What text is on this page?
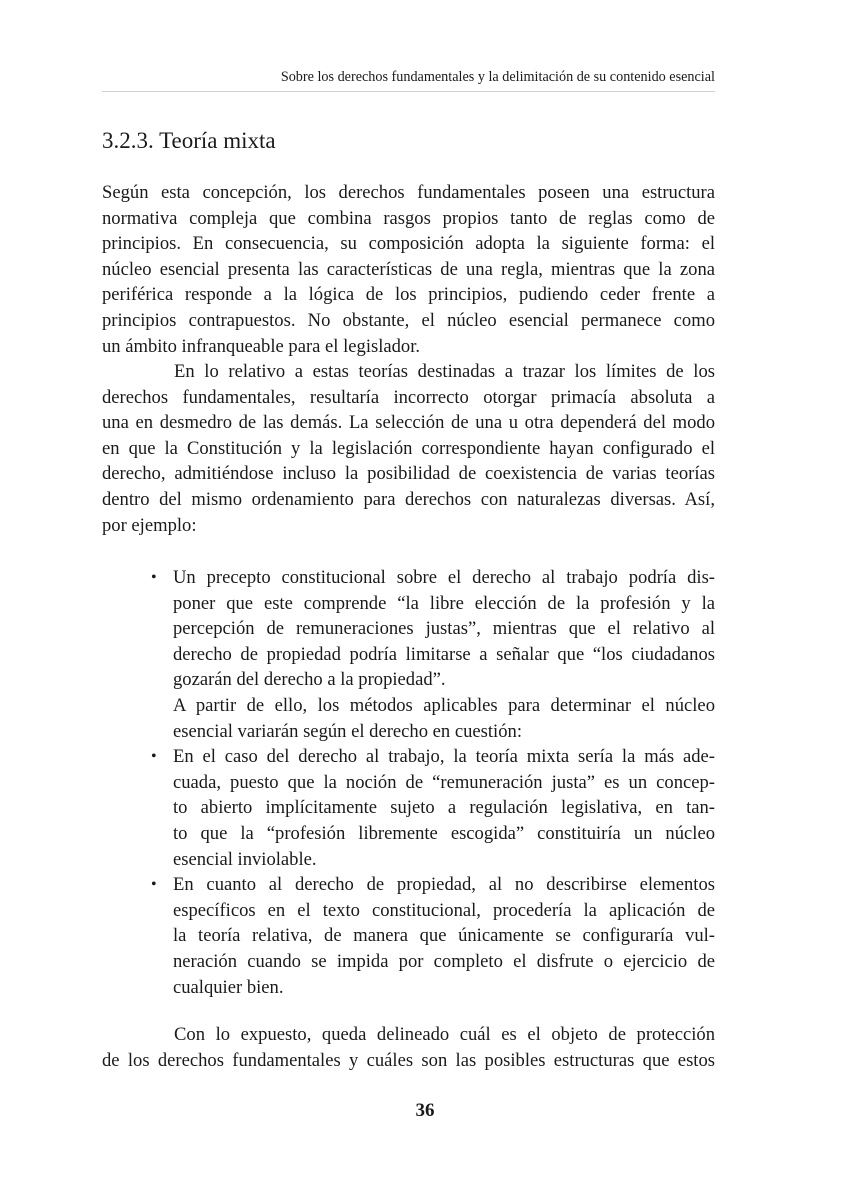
Sobre los derechos fundamentales y la delimitación de su contenido esencial
3.2.3. Teoría mixta

Según esta concepción, los derechos fundamentales poseen una estructura
normativa compleja que combina rasgos propios tanto de reglas como de
principios. En consecuencia, su composición adopta la siguiente forma: el
núcleo esencial presenta las características de una regla, mientras que la zona
periférica responde a la lógica de los principios, pudiendo ceder frente a
principios contrapuestos. No obstante, el núcleo esencial permanece como
un ámbito infranqueable para el legislador.

En lo relativo a estas teorías destinadas a trazar los límites de los
derechos fundamentales, resultaría incorrecto otorgar primacía absoluta a
una en desmedro de las demás. La selección de una u otra dependerá del modo
en que la Constitución y la legislación correspondiente hayan configurado el
derecho, admitiéndose incluso la posibilidad de coexistencia de varias teorías
dentro del mismo ordenamiento para derechos con naturalezas diversas. Así,
por ejemplo:

• Un precepto constitucional sobre el derecho al trabajo podría dis-
poner que este comprende “la libre elección de la profesión y la
percepción de remuneraciones justas”, mientras que el relativo al
derecho de propiedad podría limitarse a señalar que “los ciudadanos
gozarán del derecho a la propiedad”.
A partir de ello, los métodos aplicables para determinar el núcleo
esencial variarán según el derecho en cuestión:
• En el caso del derecho al trabajo, la teoría mixta sería la más ade-
cuada, puesto que la noción de “remuneración justa” es un concep-
to abierto implícitamente sujeto a regulación legislativa, en tan-
to que la “profesión libremente escogida” constituiría un núcleo
esencial inviolable.
• En cuanto al derecho de propiedad, al no describirse elementos
específicos en el texto constitucional, procedería la aplicación de
la teoría relativa, de manera que únicamente se configuraría vul-
neración cuando se impida por completo el disfrute o ejercicio de
cualquier bien.

Con lo expuesto, queda delineado cuál es el objeto de protección
de los derechos fundamentales y cuáles son las posibles estructuras que estos

36
